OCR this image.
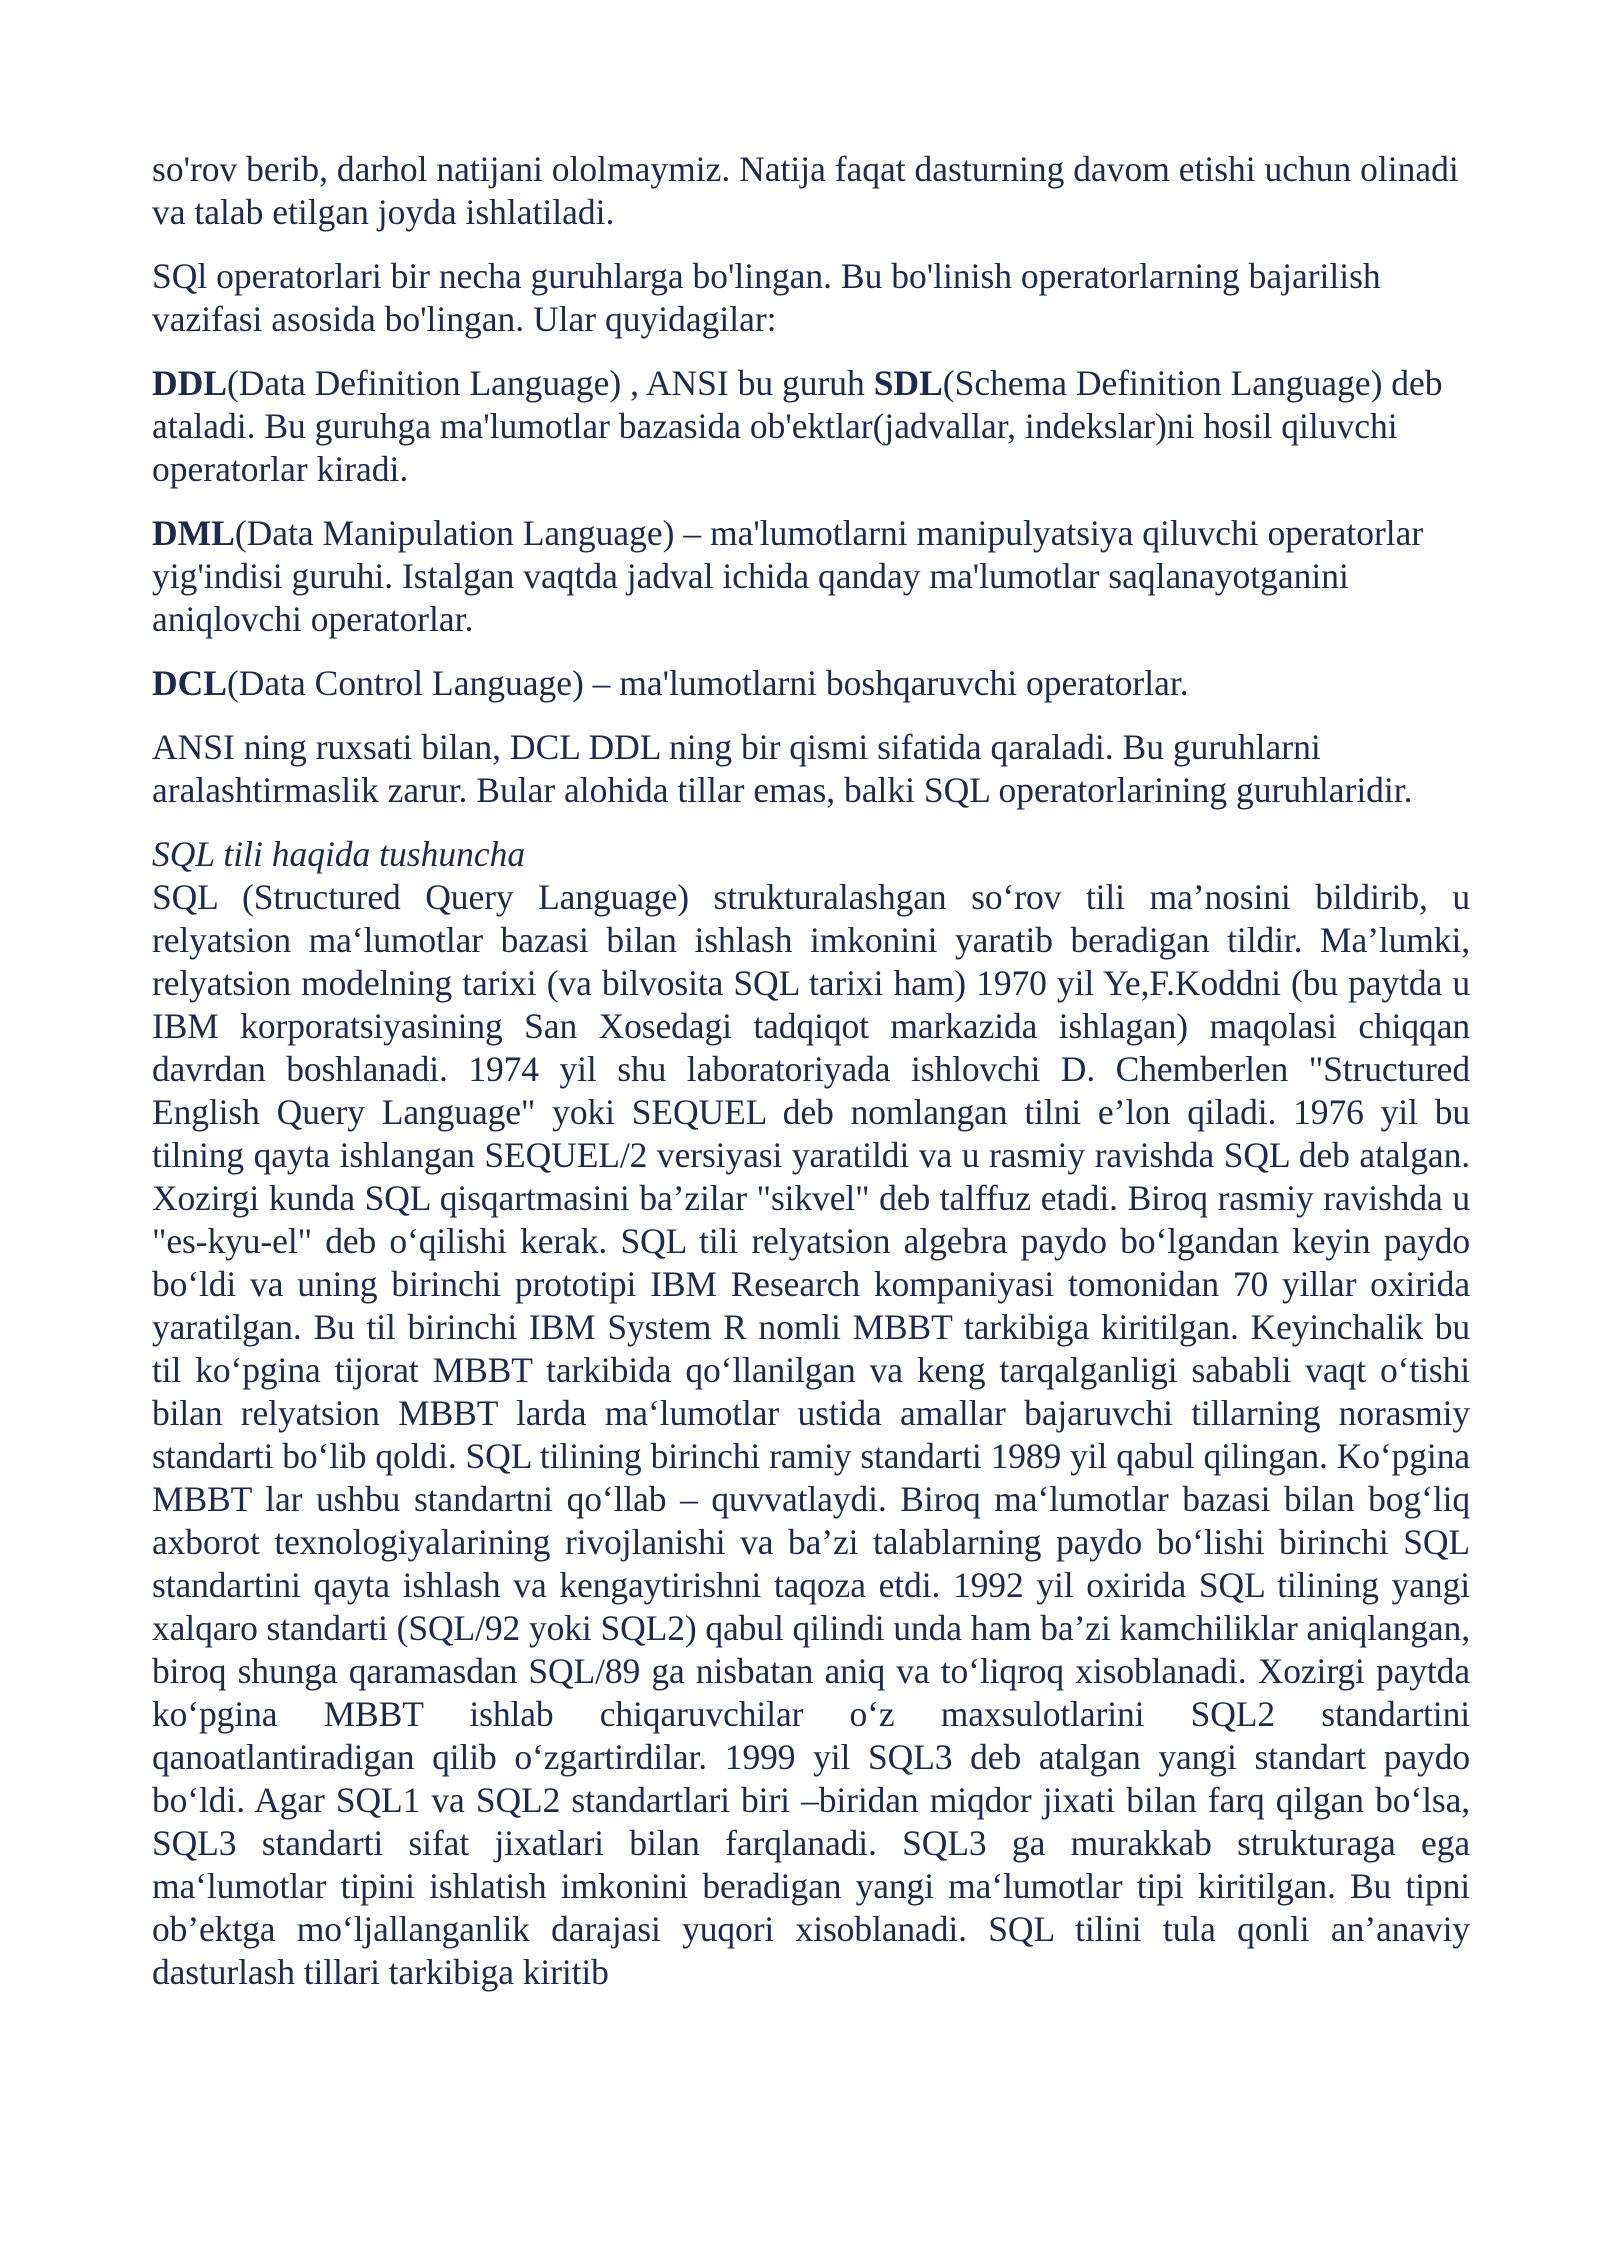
so'rov berib, darhol natijani ololmaymiz. Natija faqat dasturning davom etishi uchun olinadi va talab etilgan joyda ishlatiladi.

SQl operatorlari bir necha guruhlarga bo'lingan. Bu bo'linish operatorlarning bajarilish vazifasi asosida bo'lingan. Ular quyidagilar:

DDL(Data Definition Language) , ANSI bu guruh SDL(Schema Definition Language) deb ataladi. Bu guruhga ma'lumotlar bazasida ob'ektlar(jadvallar, indekslar)ni hosil qiluvchi operatorlar kiradi.

DML(Data Manipulation Language) – ma'lumotlarni manipulyatsiya qiluvchi operatorlar yig'indisi guruhi. Istalgan vaqtda jadval ichida qanday ma'lumotlar saqlanayotganini aniqlovchi operatorlar.

DCL(Data Control Language) – ma'lumotlarni boshqaruvchi operatorlar.

ANSI ning ruxsati bilan, DCL DDL ning bir qismi sifatida qaraladi. Bu guruhlarni aralashtirmaslik zarur. Bular alohida tillar emas, balki SQL operatorlarining guruhlaridir.

SQL tili haqida tushuncha

SQL (Structured Query Language) strukturalashgan so‘rov tili ma’nosini bildirib, u relyatsion ma‘lumotlar bazasi bilan ishlash imkonini yaratib beradigan tildir. Ma’lumki, relyatsion modelning tarixi (va bilvosita SQL tarixi ham) 1970 yil Ye,F.Koddni (bu paytda u IBM korporatsiyasining San Xosedagi tadqiqot markazida ishlagan) maqolasi chiqqan davrdan boshlanadi. 1974 yil shu laboratoriyada ishlovchi D. Chemberlen "Structured English Query Language" yoki SEQUEL deb nomlangan tilni e’lon qiladi. 1976 yil bu tilning qayta ishlangan SEQUEL/2 versiyasi yaratildi va u rasmiy ravishda SQL deb atalgan. Xozirgi kunda SQL qisqartmasini ba’zilar "sikvel" deb talffuz etadi. Biroq rasmiy ravishda u "es-kyu-el" deb o‘qilishi kerak. SQL tili relyatsion algebra paydo bo‘lgandan keyin paydo bo‘ldi va uning birinchi prototipi IBM Research kompaniyasi tomonidan 70 yillar oxirida yaratilgan. Bu til birinchi IBM System R nomli MBBT tarkibiga kiritilgan. Keyinchalik bu til ko‘pgina tijorat MBBT tarkibida qo‘llanilgan va keng tarqalganligi sababli vaqt o‘tishi bilan relyatsion MBBT larda ma‘lumotlar ustida amallar bajaruvchi tillarning norasmiy standarti bo‘lib qoldi. SQL tilining birinchi ramiy standarti 1989 yil qabul qilingan. Ko‘pgina MBBT lar ushbu standartni qo‘llab – quvvatlaydi. Biroq ma‘lumotlar bazasi bilan bog‘liq axborot texnologiyalarining rivojlanishi va ba’zi talablarning paydo bo‘lishi birinchi SQL standartini qayta ishlash va kengaytirishni taqoza etdi. 1992 yil oxirida SQL tilining yangi xalqaro standarti (SQL/92 yoki SQL2) qabul qilindi unda ham ba’zi kamchiliklar aniqlangan, biroq shunga qaramasdan SQL/89 ga nisbatan aniq va to‘liqroq xisoblanadi. Xozirgi paytda ko‘pgina MBBT ishlab chiqaruvchilar o‘z maxsulotlarini SQL2 standartini qanoatlantiradigan qilib o‘zgartirdilar. 1999 yil SQL3 deb atalgan yangi standart paydo bo‘ldi. Agar SQL1 va SQL2 standartlari biri –biridan miqdor jixati bilan farq qilgan bo‘lsa, SQL3 standarti sifat jixatlari bilan farqlanadi. SQL3 ga murakkab strukturaga ega ma‘lumotlar tipini ishlatish imkonini beradigan yangi ma‘lumotlar tipi kiritilgan. Bu tipni ob’ektga mo‘ljallanganlik darajasi yuqori xisoblanadi. SQL tilini tula qonli an’anaviy dasturlash tillari tarkibiga kiritib
